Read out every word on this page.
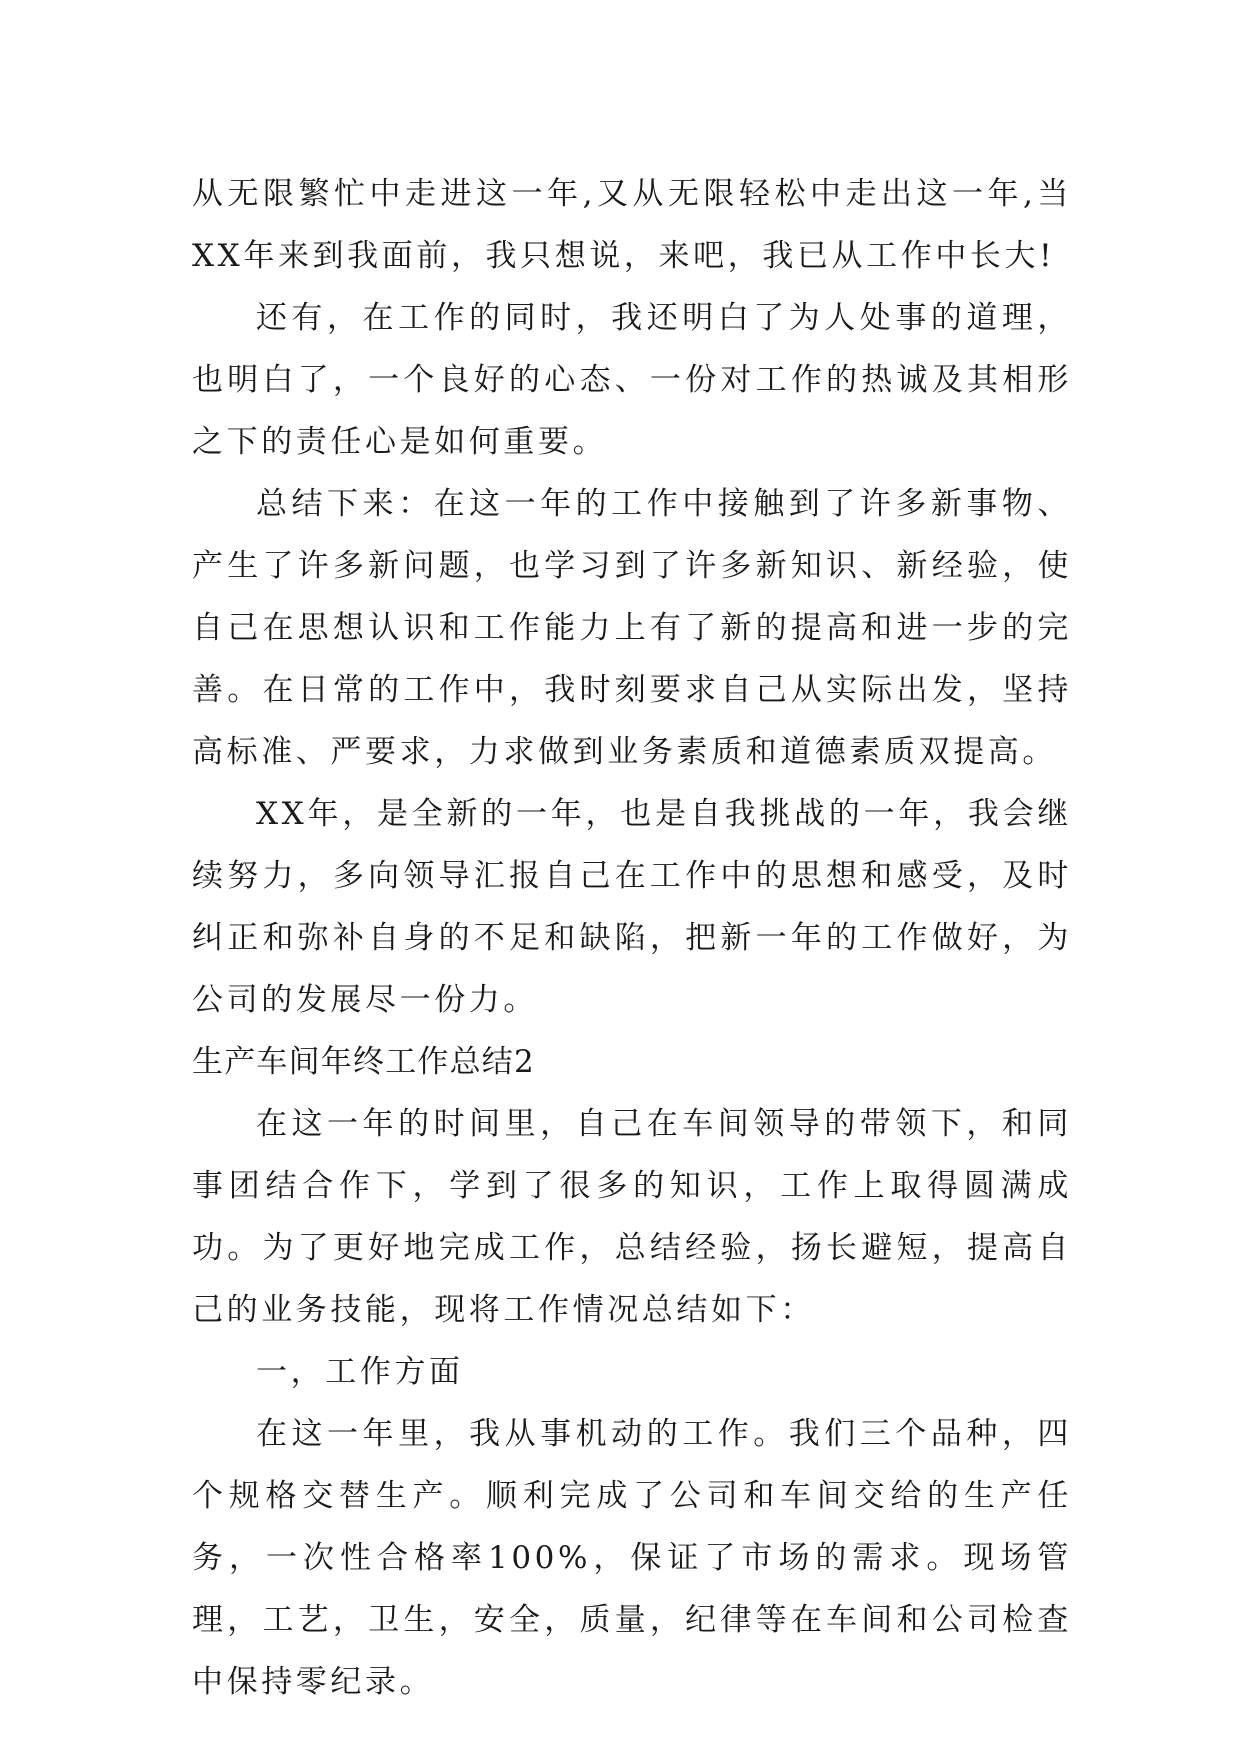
从无限繁忙中走进这一年,又从无限轻松中走出这一年,当XX年来到我面前，我只想说，来吧，我已从工作中长大!

还有，在工作的同时，我还明白了为人处事的道理，也明白了，一个良好的心态、一份对工作的热诚及其相形之下的责任心是如何重要。

总结下来：在这一年的工作中接触到了许多新事物、产生了许多新问题，也学习到了许多新知识、新经验，使自己在思想认识和工作能力上有了新的提高和进一步的完善。在日常的工作中，我时刻要求自己从实际出发，坚持高标准、严要求，力求做到业务素质和道德素质双提高。

XX年，是全新的一年，也是自我挑战的一年，我会继续努力，多向领导汇报自己在工作中的思想和感受，及时纠正和弥补自身的不足和缺陷，把新一年的工作做好，为公司的发展尽一份力。

生产车间年终工作总结2

在这一年的时间里，自己在车间领导的带领下，和同事团结合作下，学到了很多的知识，工作上取得圆满成功。为了更好地完成工作，总结经验，扬长避短，提高自己的业务技能，现将工作情况总结如下：

一，工作方面

在这一年里，我从事机动的工作。我们三个品种，四个规格交替生产。顺利完成了公司和车间交给的生产任务，一次性合格率100%，保证了市场的需求。现场管理，工艺，卫生，安全，质量，纪律等在车间和公司检查中保持零纪录。
